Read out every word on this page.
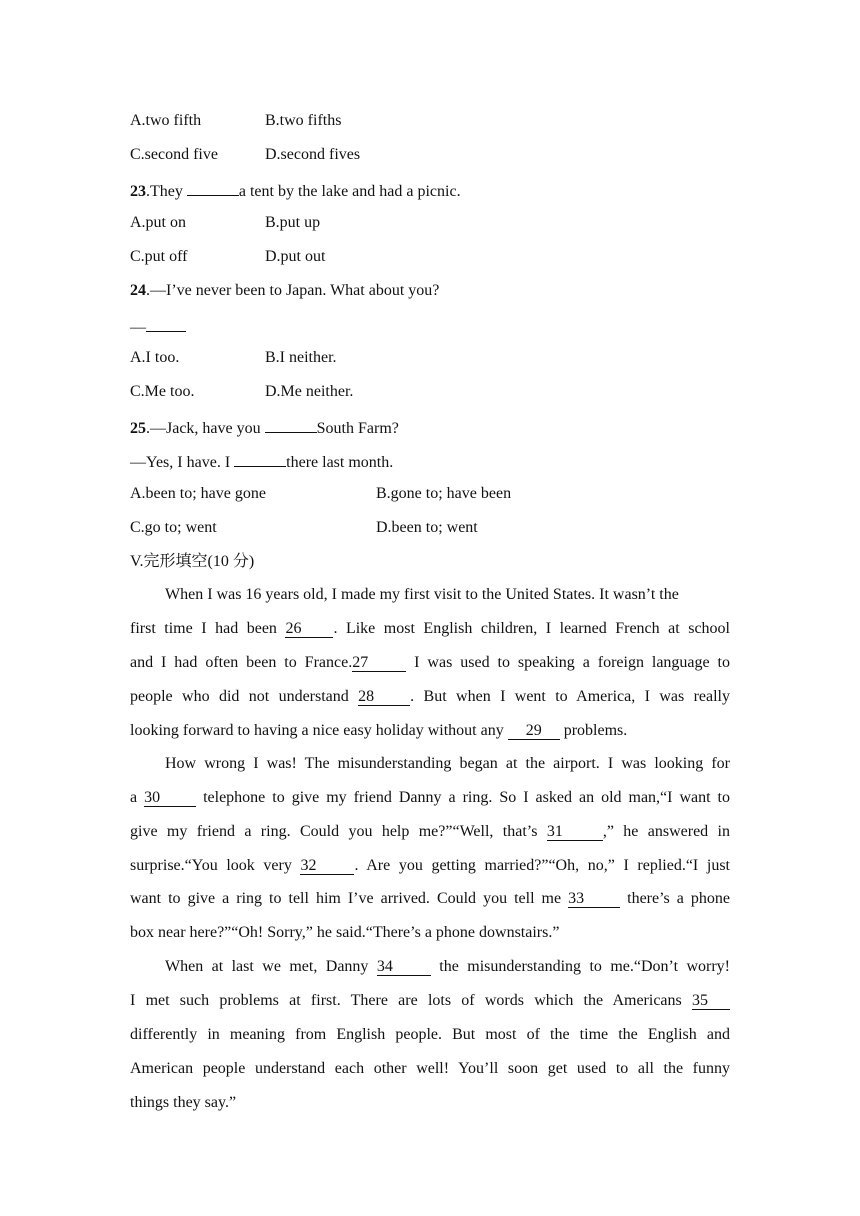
A.two fifth	B.two fifths
C.second five	D.second fives
23.They	a tent by the lake and had a picnic.
A.put on	B.put up
C.put off	D.put out
24.—I’ve never been to Japan. What about you?
—
A.I too.	B.I neither.
C.Me too.	D.Me neither.
25.—Jack, have you	South Farm?
—Yes, I have. I	there last month.
A.been to; have gone	B.gone to; have been
C.go to; went	D.been to; went
V.完形填空(10 分)
When I was 16 years old, I made my first visit to the United States. It wasn’t the
first time I had been 26 . Like most English children, I learned French at school
and I had often been to France.27 I was used to speaking a foreign language to
people who did not understand 28 . But when I went to America, I was really
looking forward to having a nice easy holiday without any 29 problems.
How wrong I was! The misunderstanding began at the airport. I was looking for
a 30 telephone to give my friend Danny a ring. So I asked an old man,“I want to
give my friend a ring. Could you help me?”“Well, that’s 31	,” he answered in
surprise.“You look very 32 . Are you getting married?”“Oh, no,” I replied.“I just
want to give a ring to tell him I’ve arrived. Could you tell me 33 there’s a phone
box near here?”“Oh! Sorry,” he said.“There’s a phone downstairs.”
When at last we met, Danny 34 the misunderstanding to me.“Don’t worry!
I met such problems at first. There are lots of words which the Americans 35
differently in meaning from English people. But most of the time the English and
American people understand each other well! You’ll soon get used to all the funny
things they say.”
